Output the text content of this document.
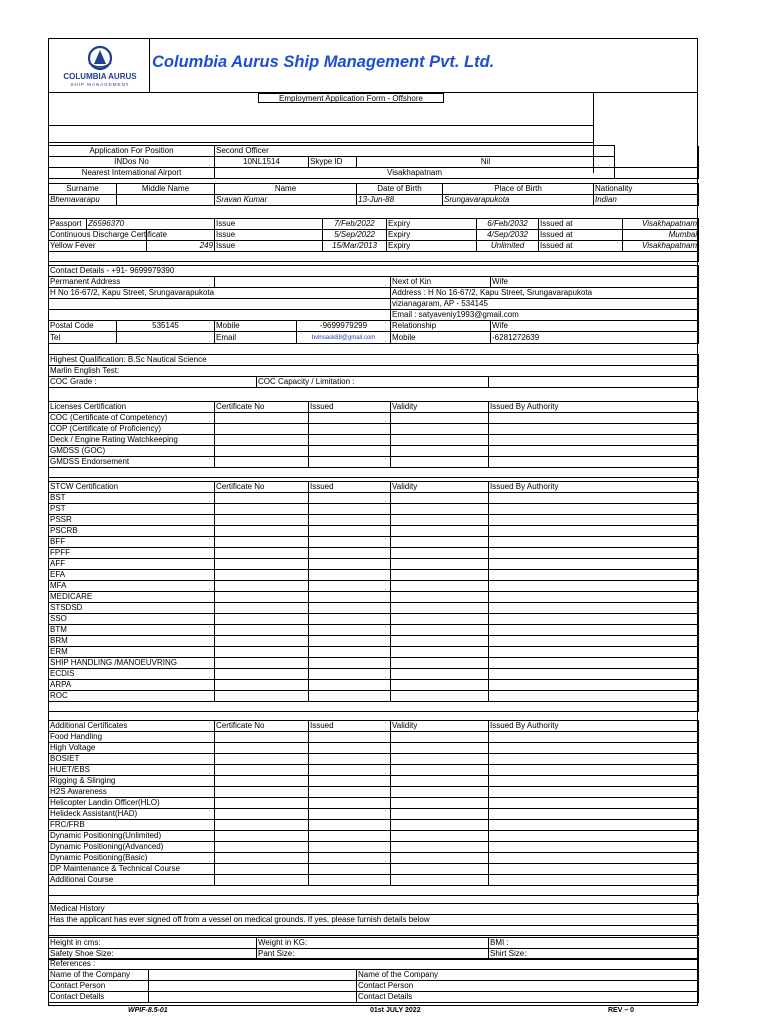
COLUMBIA AURUS
SHIP MANAGEMENT
Columbia Aurus Ship Management Pvt. Ltd.
Employment Application Form - Offshore
Application For Position	Second Officer			
INDos No	10NL1514	Skype ID	Nil	
Nearest International Airport	Visakhapatnam			
Surname	Middle Name	Name	Date of Birth	Place of Birth	Nationality
Bhemavarapu		Sravan Kumar	13-Jun-88	Srungavarapukota	Indian
Passport	Z6596370		Issue	7/Feb/2022	Expiry	6/Feb/2032	Issued at	Visakhapatnam
Continuous Discharge Certificate			Issue	5/Sep/2022	Expiry	4/Sep/2032	Issued at	Mumbai
Yellow Fever		249	Issue	15/Mar/2013	Expiry	Unlimited	Issued at	Visakhapatnam

Contact Details - +91- 9699979390					
Permanent Address				Next of Kin	Wife
H No 16-67/2, Kapu Street, Srungavarapukota				Address : H No 16-67/2, Kapu Street, Srungavarapukota	
				vizianagaram, AP - 534145	
				Email : satyaveniy1993@gmail.com	
Postal Code	535145	Mobile	-9699979299	Relationship	Wife
Tel		Email	bvlnsask88@gmail.com	Mobile	-6281272639
Highest Qualification: B.Sc Nautical Science
Marlin English Test:
COC Grade :	COC Capacity / Limitation :	
Licenses Certification	Certificate No	Issued	Validity	Issued By Authority
COC (Certificate of Competency)				
COP (Certificate of Proficiency)				
Deck / Engine Rating Watchkeeping				
GMDSS (GOC)				
GMDSS Endorsement				

STCW Certification	Certificate No	Issued	Validity	Issued By Authority
BST				
PST				
PSSR				
PSCRB				
BFF				
FPFF				
AFF				
EFA				
MFA				
MEDICARE				
STSDSD				
SSO				
BTM				
BRM				
ERM				
SHIP HANDLING /MANOEUVRING				
ECDIS				
ARPA				
ROC				

Additional Certificates	Certificate No	Issued	Validity	Issued By Authority
Food Handling				
High Voltage				
BOSIET				
HUET/EBS				
Rigging & Slinging				
H2S Awareness				
Helicopter Landin Officer(HLO)				
Helideck Assistant(HAD)				
FRC/FRB				
Dynamic Positioning(Unlimited)				
Dynamic Positioning(Advanced)				
Dynamic Positioning(Basic)				
DP Maintenance & Technical Course				
Additional Course				

Medical History
Has the applicant has ever signed off from a vessel on medical grounds. If yes, please furnish details below

Height in cms:	Weight in KG:	BMI :
Safety Shoe Size:	Pant Size:	Shirt Size:
References :		
Name of the Company		Name of the Company
Contact Person		Contact Person
Contact Details		Contact Details
WPIF-8.5-01	01st JULY 2022	REV – 0
